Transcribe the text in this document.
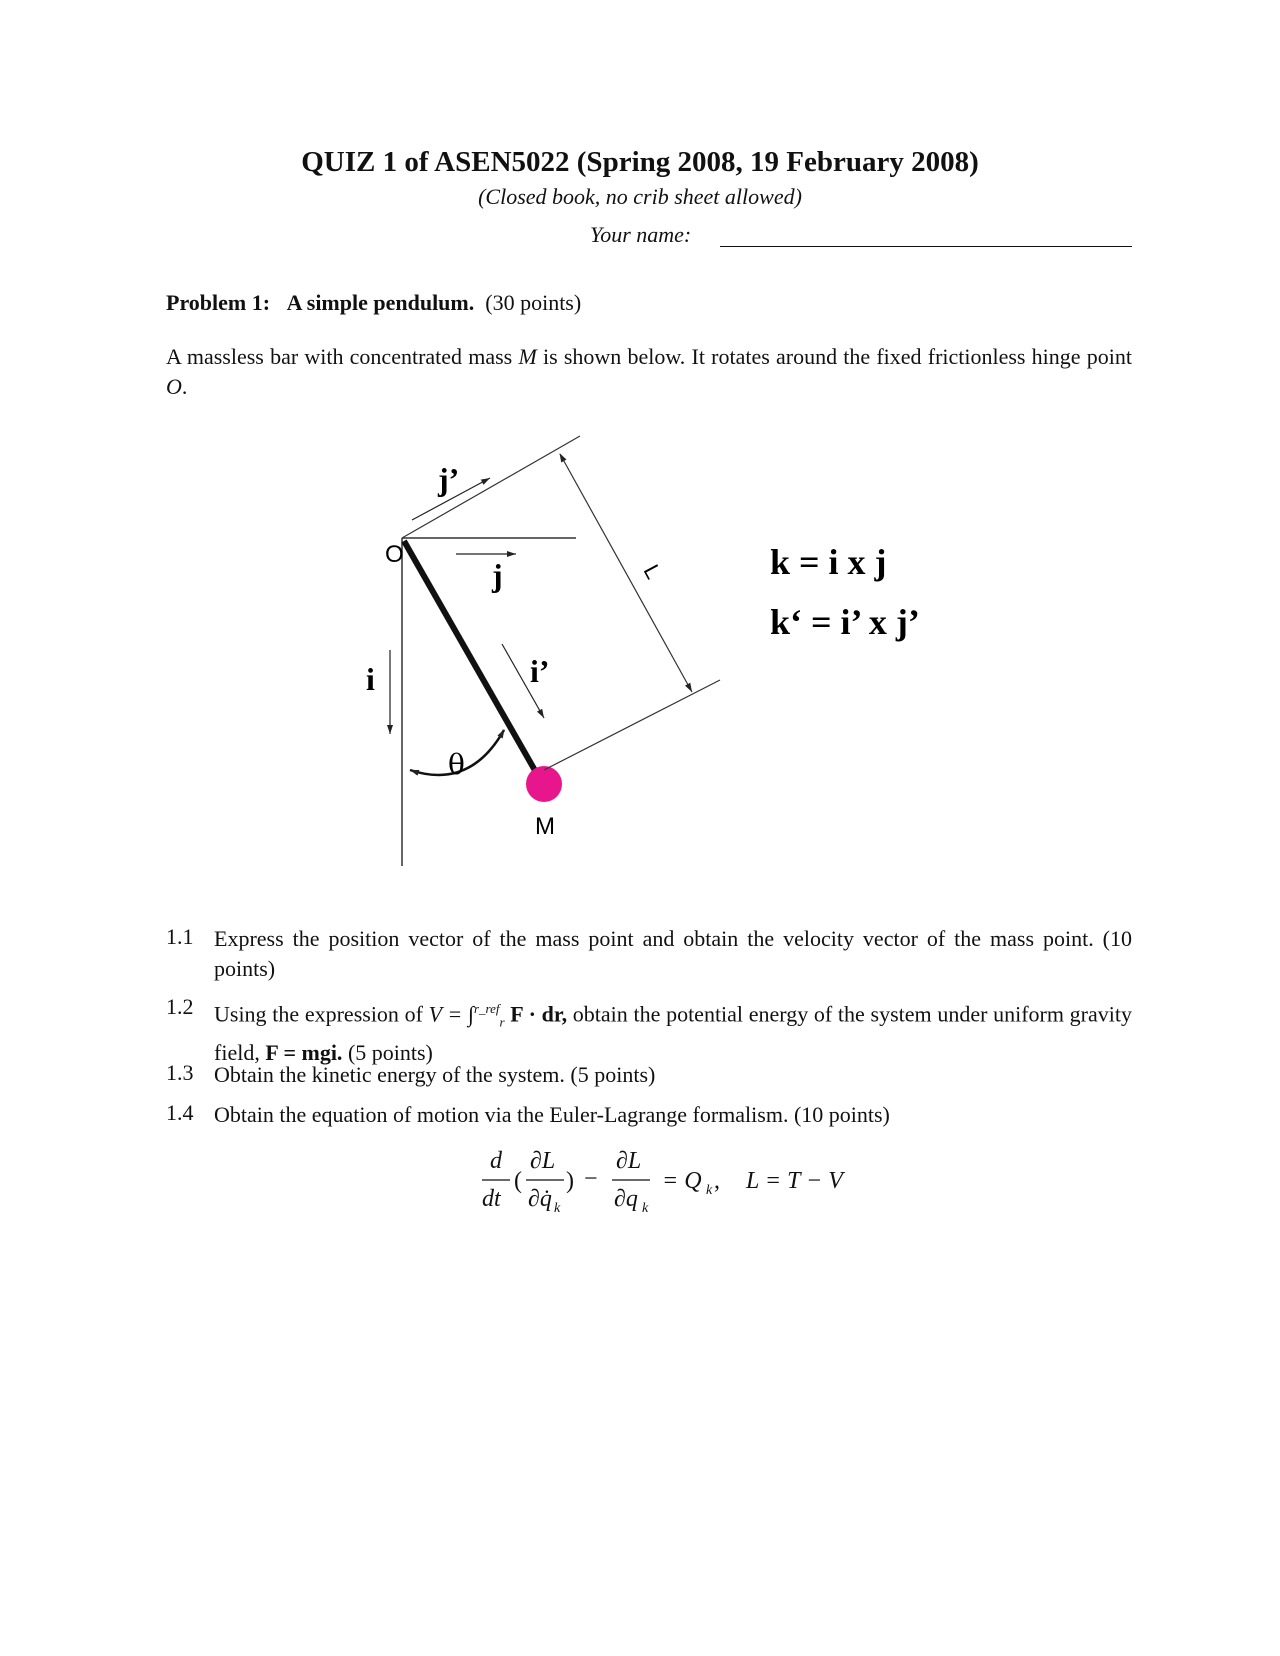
QUIZ 1 of ASEN5022 (Spring 2008, 19 February 2008)
(Closed book, no crib sheet allowed)
Your name:
Problem 1: A simple pendulum. (30 points)
A massless bar with concentrated mass M is shown below. It rotates around the fixed frictionless hinge point O.
O
j’
j
i	i’
θ
M
L	k = i x j
k‘ = i’ x j’
1.1 Express the position vector of the mass point and obtain the velocity vector of the mass point. (10 points)
1.2 Using the expression of V = ∫$^{r\_ref}_r$ F · dr, obtain the potential energy of the system under uniform gravity field, F = mgi. (5 points)
1.3 Obtain the kinetic energy of the system. (5 points)
1.4 Obtain the equation of motion via the Euler-Lagrange formalism. (10 points)
d
dt
(
∂L
∂q̇ k
) −
∂L
∂q k
= Q k , L = T − V
